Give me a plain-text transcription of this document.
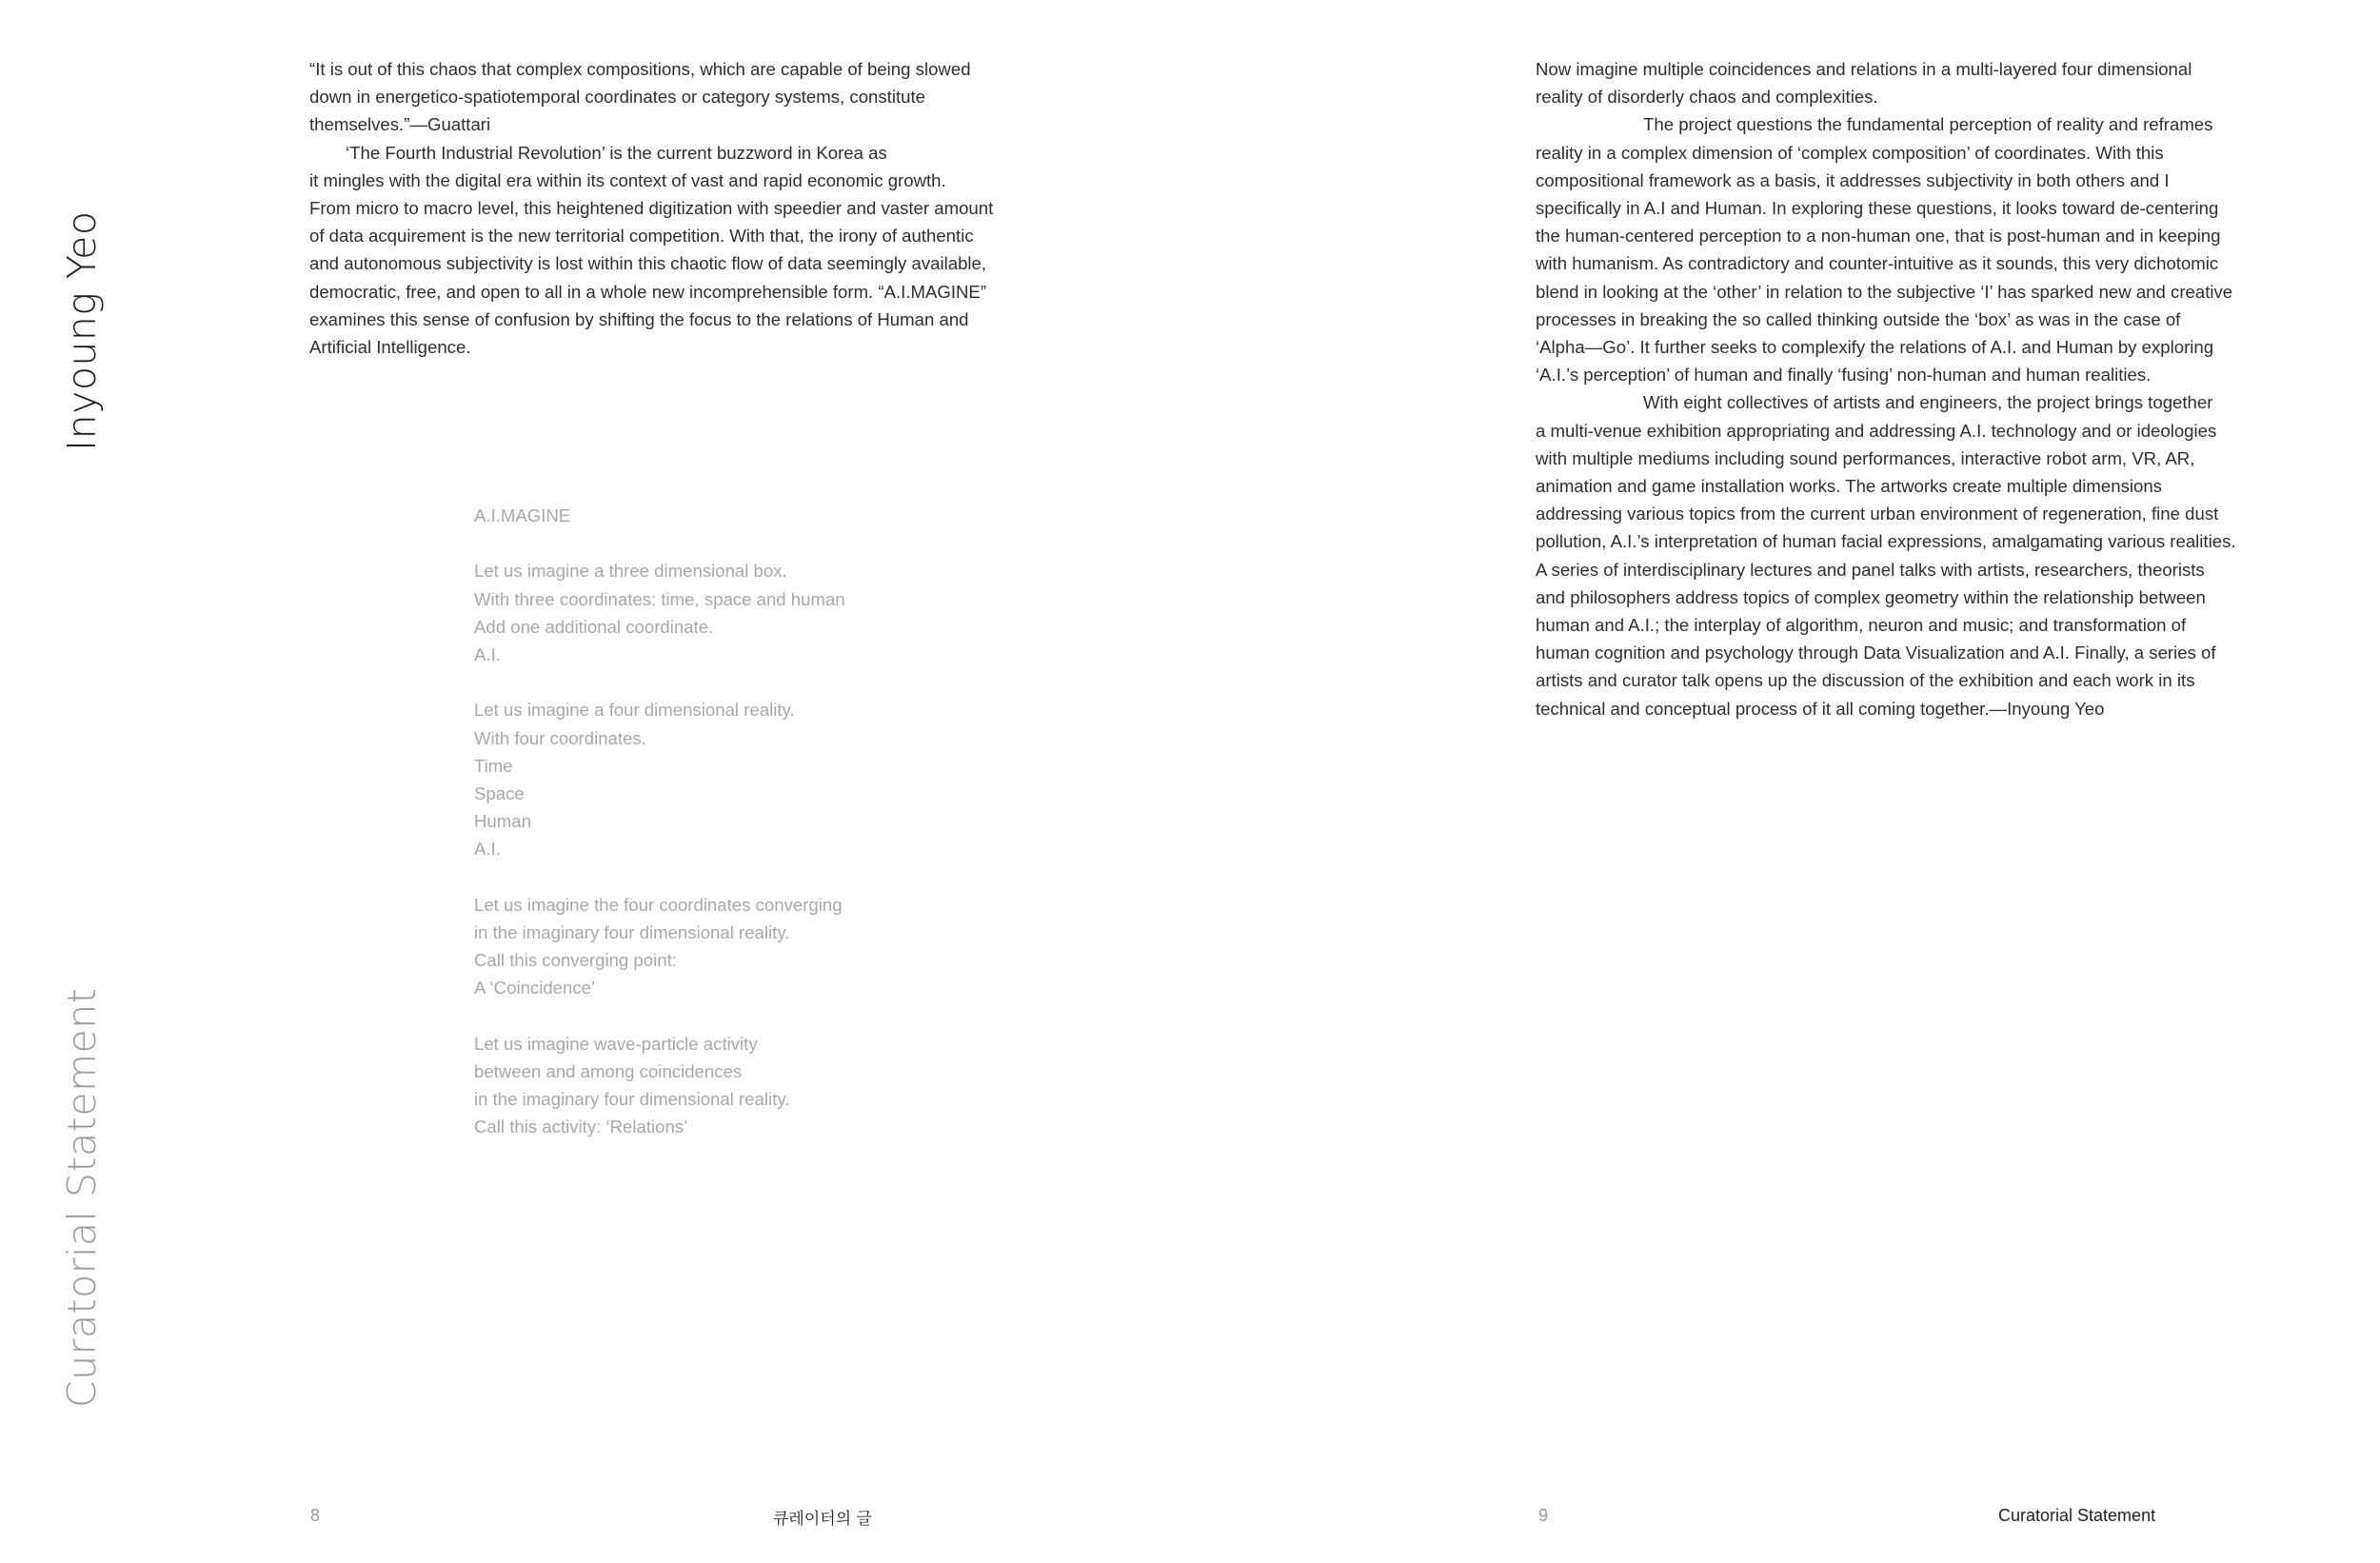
Inyoung Yeo
Curatorial Statement

“It is out of this chaos that complex compositions, which are capable of being slowed

down in energetico-spatiotemporal coordinates or category systems, constitute

themselves.”—Guattari

‘The Fourth Industrial Revolution’ is the current buzzword in Korea as

it mingles with the digital era within its context of vast and rapid economic growth.

From micro to macro level, this heightened digitization with speedier and vaster amount

of data acquirement is the new territorial competition. With that, the irony of authentic

and autonomous subjectivity is lost within this chaotic flow of data seemingly available,

democratic, free, and open to all in a whole new incomprehensible form. “A.I.MAGINE”

examines this sense of confusion by shifting the focus to the relations of Human and

Artificial Intelligence.

A.I.MAGINE

Let us imagine a three dimensional box.

With three coordinates: time, space and human

Add one additional coordinate.

A.I.

Let us imagine a four dimensional reality.

With four coordinates.

Time

Space

Human

A.I.

Let us imagine the four coordinates converging

in the imaginary four dimensional reality.

Call this converging point:

A ‘Coincidence’

Let us imagine wave-particle activity

between and among coincidences

in the imaginary four dimensional reality.

Call this activity: ‘Relations’

Now imagine multiple coincidences and relations in a multi-layered four dimensional

reality of disorderly chaos and complexities.

The project questions the fundamental perception of reality and reframes

reality in a complex dimension of ‘complex composition’ of coordinates. With this

compositional framework as a basis, it addresses subjectivity in both others and I

specifically in A.I and Human. In exploring these questions, it looks toward de-centering

the human-centered perception to a non-human one, that is post-human and in keeping

with humanism. As contradictory and counter-intuitive as it sounds, this very dichotomic

blend in looking at the ‘other’ in relation to the subjective ‘I’ has sparked new and creative

processes in breaking the so called thinking outside the ‘box’ as was in the case of

‘Alpha—Go’. It further seeks to complexify the relations of A.I. and Human by exploring

‘A.I.’s perception’ of human and finally ‘fusing’ non-human and human realities.

With eight collectives of artists and engineers, the project brings together

a multi-venue exhibition appropriating and addressing A.I. technology and or ideologies

with multiple mediums including sound performances, interactive robot arm, VR, AR,

animation and game installation works. The artworks create multiple dimensions

addressing various topics from the current urban environment of regeneration, fine dust

pollution, A.I.’s interpretation of human facial expressions, amalgamating various realities.

A series of interdisciplinary lectures and panel talks with artists, researchers, theorists

and philosophers address topics of complex geometry within the relationship between

human and A.I.; the interplay of algorithm, neuron and music; and transformation of

human cognition and psychology through Data Visualization and A.I. Finally, a series of

artists and curator talk opens up the discussion of the exhibition and each work in its

technical and conceptual process of it all coming together.—Inyoung Yeo

8	큐레이터의 글	9	Curatorial Statement
